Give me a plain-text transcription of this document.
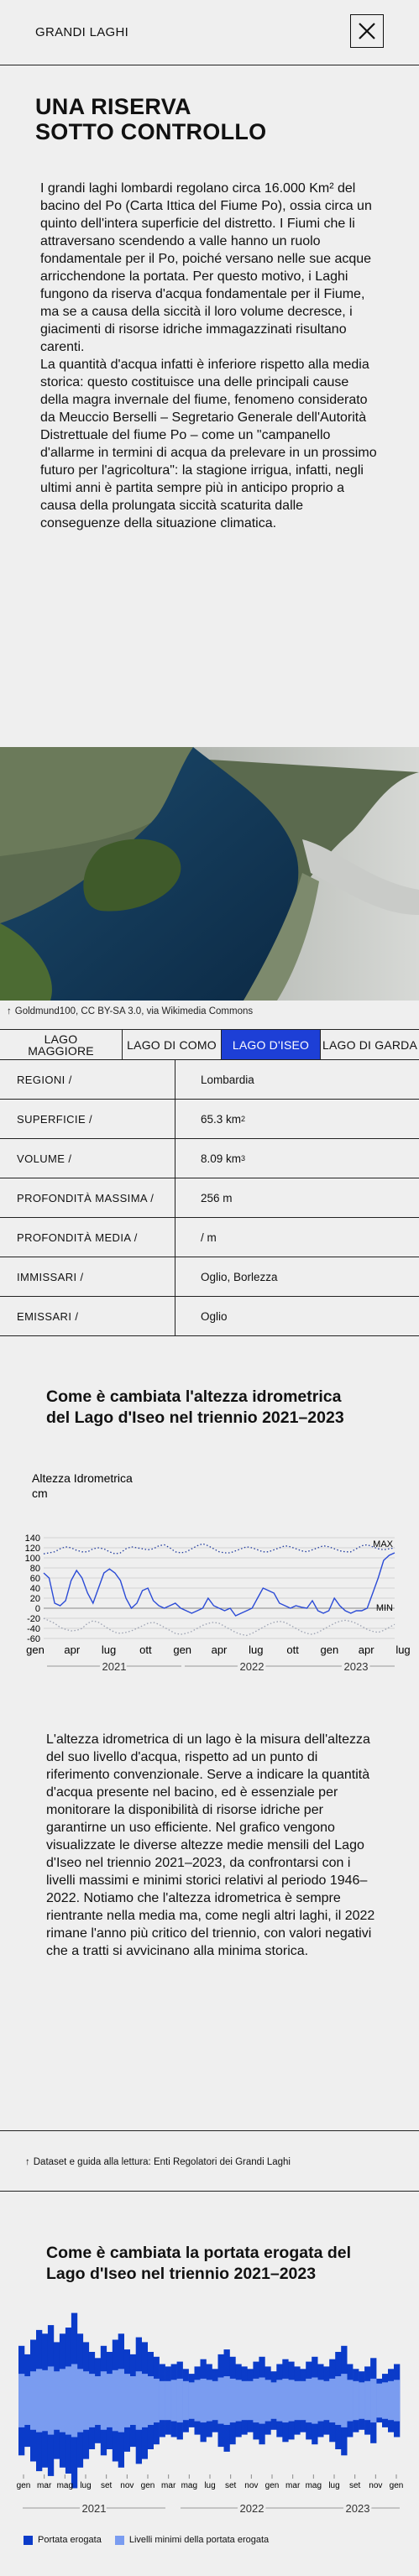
GRANDI LAGHI
UNA RISERVA
SOTTO CONTROLLO

I grandi laghi lombardi regolano circa 16.000 Km² del bacino del Po (Carta Ittica del Fiume Po), ossia circa un quinto dell'intera superficie del distretto. I Fiumi che li attraversano scendendo a valle hanno un ruolo fondamentale per il Po, poiché versano nelle sue acque arricchendone la portata. Per questo motivo, i Laghi fungono da riserva d'acqua fondamentale per il Fiume, ma se a causa della siccità il loro volume decresce, i giacimenti di risorse idriche immagazzinati risultano carenti.

La quantità d'acqua infatti è inferiore rispetto alla media storica: questo costituisce una delle principali cause della magra invernale del fiume, fenomeno considerato da Meuccio Berselli – Segretario Generale dell'Autorità Distrettuale del fiume Po – come un "campanello d'allarme in termini di acqua da prelevare in un prossimo futuro per l'agricoltura": la stagione irrigua, infatti, negli ultimi anni è partita sempre più in anticipo proprio a causa della prolungata siccità scaturita dalle conseguenze della situazione climatica.

↑ Goldmund100, CC BY-SA 3.0, via Wikimedia Commons
LAGO MAGGIORE	LAGO DI COMO	LAGO D'ISEO	LAGO DI GARDA
REGIONI /	Lombardia
SUPERFICIE /	65.3 km 2
VOLUME /	8.09 km 3
PROFONDITÀ MASSIMA /	256 m
PROFONDITÀ MEDIA /	/ m
IMMISSARI /	Oglio, Borlezza
EMISSARI /	Oglio
Come è cambiata l'altezza idrometrica
del Lago d'Iseo nel triennio 2021–2023
Altezza Idrometrica
cm
140
120
100
80
60
40
20
0
-20
-40
-60
MAX
MIN
gen apr lug ott gen apr lug ott gen apr lug
2021	2022	2023
L'altezza idrometrica di un lago è la misura dell'altezza del suo livello d'acqua, rispetto ad un punto di riferimento convenzionale. Serve a indicare la quantità d'acqua presente nel bacino, ed è essenziale per monitorare la disponibilità di risorse idriche per garantirne un uso efficiente. Nel grafico vengono visualizzate le diverse altezze medie mensili del Lago d'Iseo nel triennio 2021–2023, da confrontarsi con i livelli massimi e minimi storici relativi al periodo 1946–2022. Notiamo che l'altezza idrometrica è sempre rientrante nella media ma, come negli altri laghi, il 2022 rimane l'anno più critico del triennio, con valori negativi che a tratti si avvicinano alla minima storica.
↑ Dataset e guida alla lettura: Enti Regolatori dei Grandi Laghi
Come è cambiata la portata erogata del
Lago d'Iseo nel triennio 2021–2023
gen mar mag lug set nov gen mar mag lug set nov gen mar mag lug set nov gen
2021	2022	2023
Portata erogata	Livelli minimi della portata erogata
